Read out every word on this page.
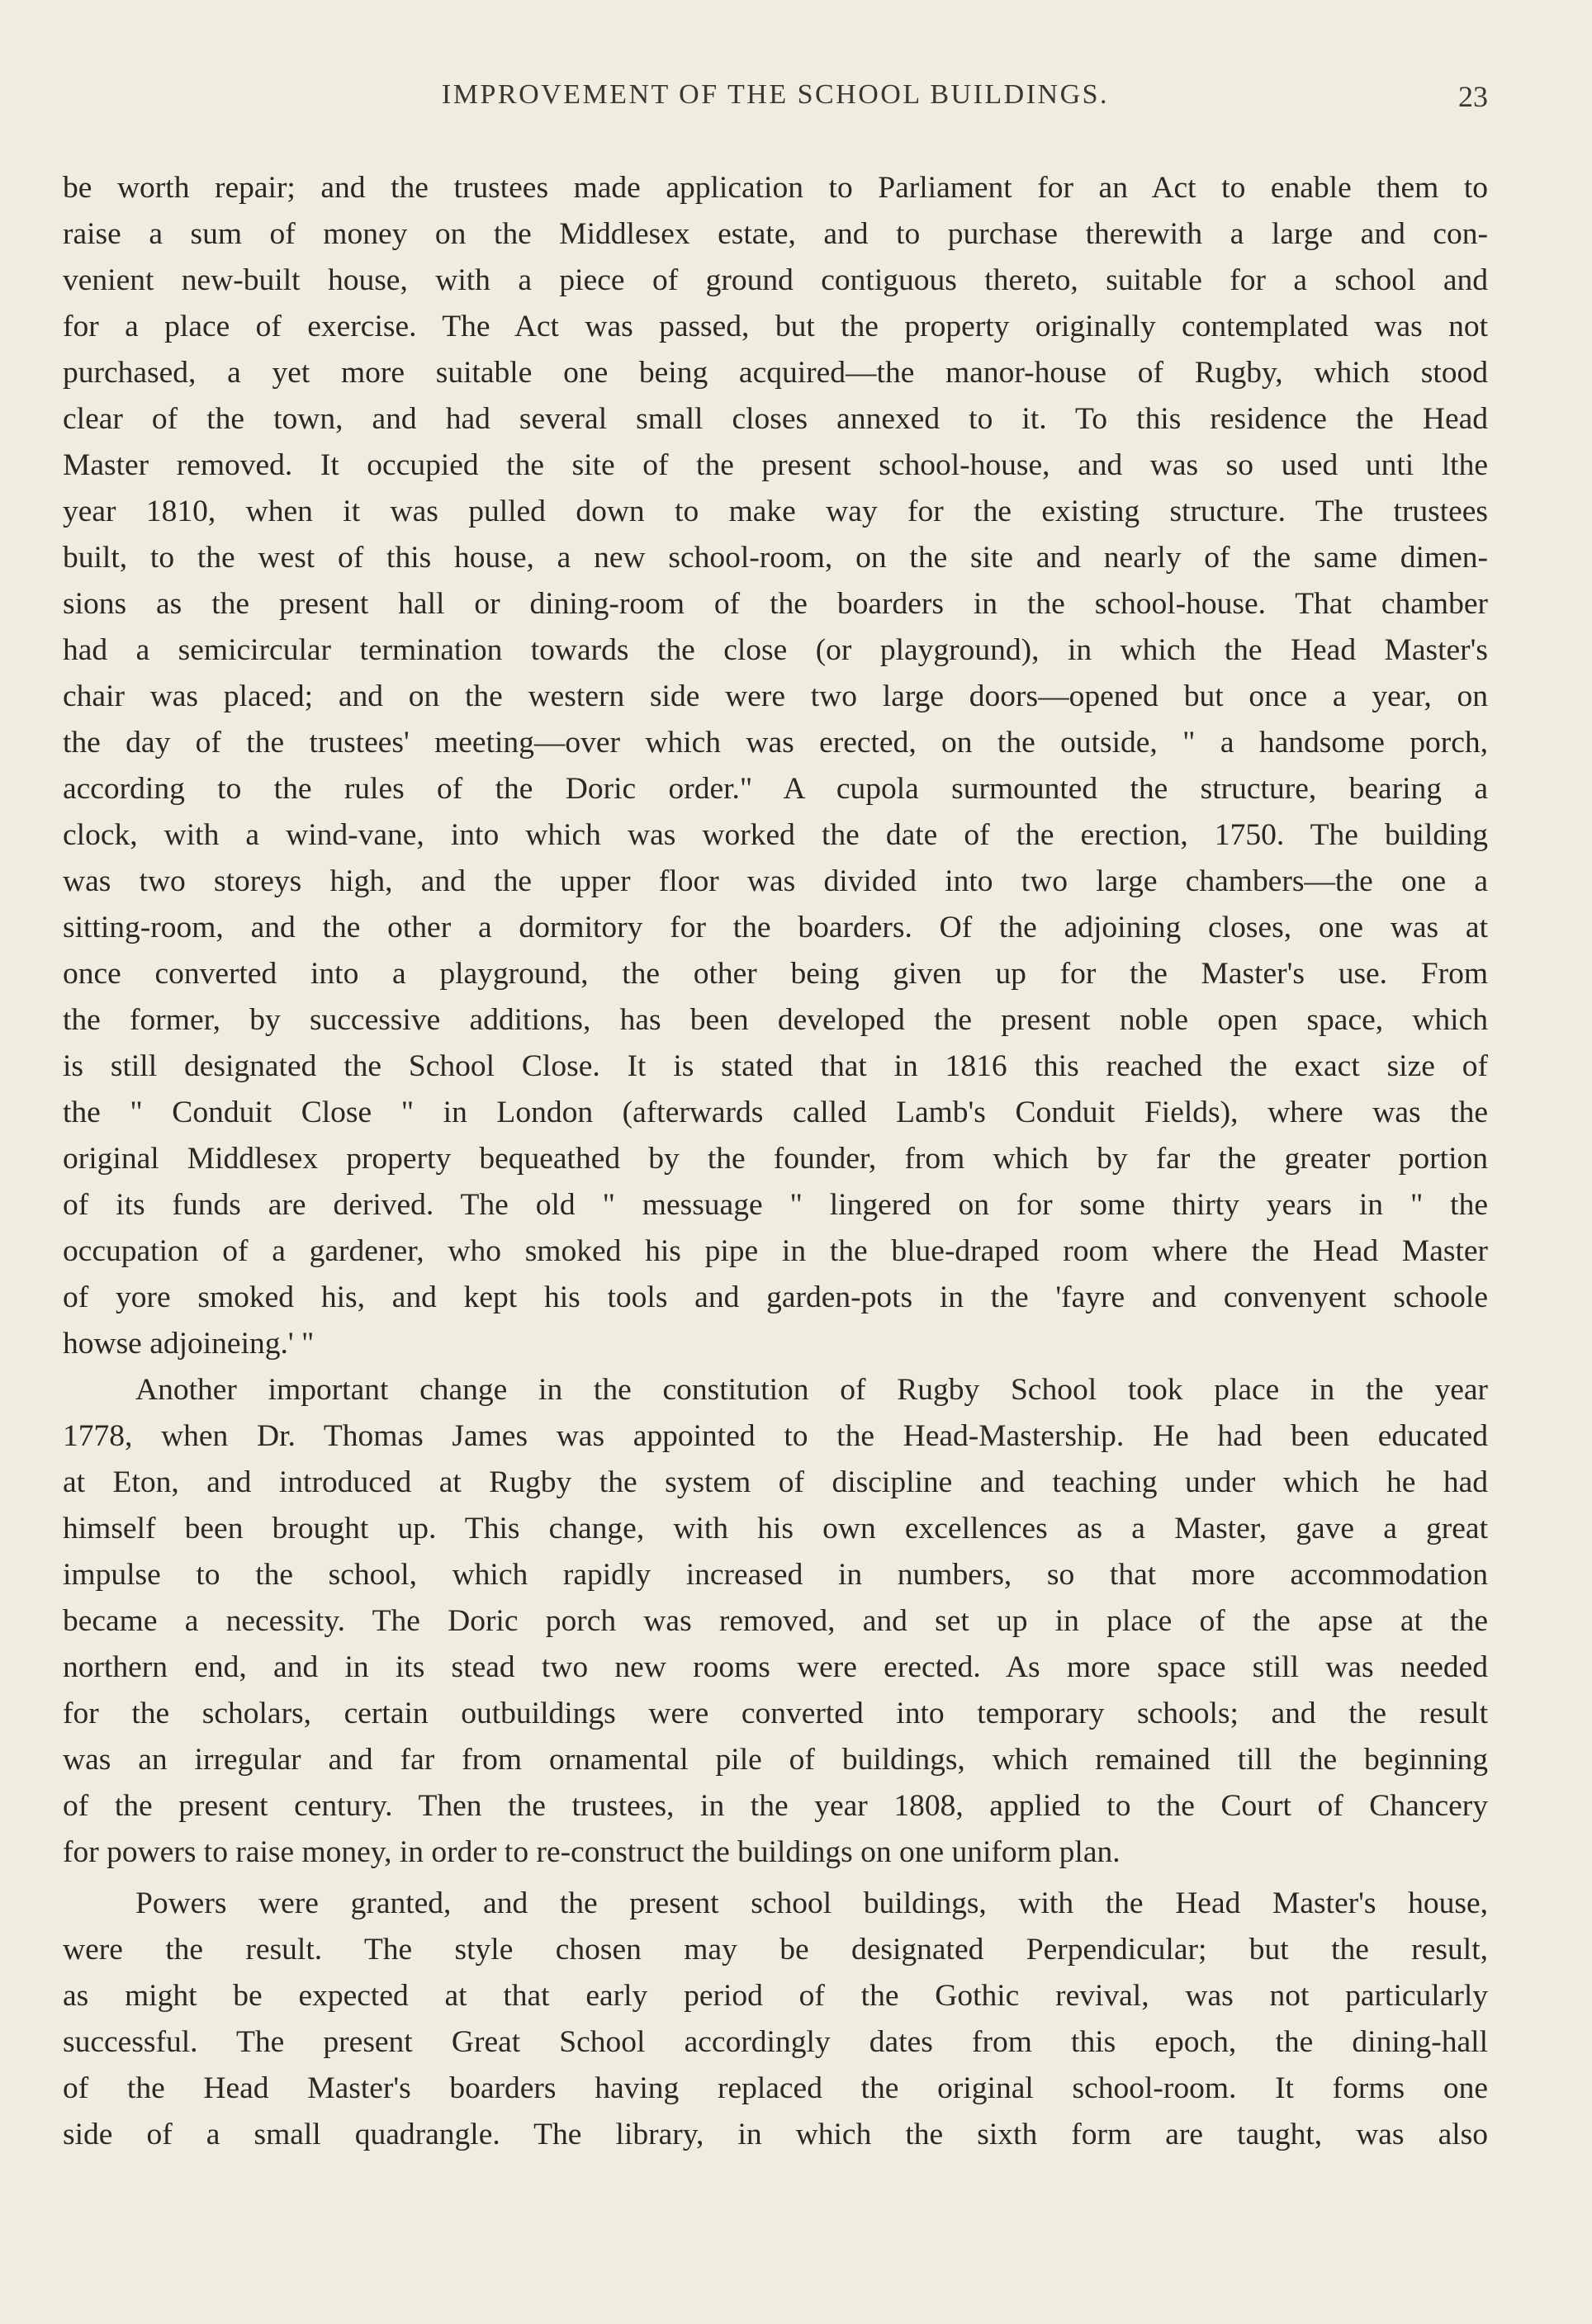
IMPROVEMENT OF THE SCHOOL BUILDINGS.	23
be worth repair; and the trustees made application to Parliament for an Act to enable them to
raise a sum of money on the Middlesex estate, and to purchase therewith a large and con-
venient new-built house, with a piece of ground contiguous thereto, suitable for a school and
for a place of exercise. The Act was passed, but the property originally contemplated was not
purchased, a yet more suitable one being acquired—the manor-house of Rugby, which stood
clear of the town, and had several small closes annexed to it. To this residence the Head
Master removed. It occupied the site of the present school-house, and was so used unti lthe
year 1810, when it was pulled down to make way for the existing structure. The trustees
built, to the west of this house, a new school-room, on the site and nearly of the same dimen-
sions as the present hall or dining-room of the boarders in the school-house. That chamber
had a semicircular termination towards the close (or playground), in which the Head Master's
chair was placed; and on the western side were two large doors—opened but once a year, on
the day of the trustees' meeting—over which was erected, on the outside, " a handsome porch,
according to the rules of the Doric order." A cupola surmounted the structure, bearing a
clock, with a wind-vane, into which was worked the date of the erection, 1750. The building
was two storeys high, and the upper floor was divided into two large chambers—the one a
sitting-room, and the other a dormitory for the boarders. Of the adjoining closes, one was at
once converted into a playground, the other being given up for the Master's use. From
the former, by successive additions, has been developed the present noble open space, which
is still designated the School Close. It is stated that in 1816 this reached the exact size of
the " Conduit Close " in London (afterwards called Lamb's Conduit Fields), where was the
original Middlesex property bequeathed by the founder, from which by far the greater portion
of its funds are derived. The old " messuage " lingered on for some thirty years in " the
occupation of a gardener, who smoked his pipe in the blue-draped room where the Head Master
of yore smoked his, and kept his tools and garden-pots in the 'fayre and convenyent schoole
howse adjoineing.' "
Another important change in the constitution of Rugby School took place in the year
1778, when Dr. Thomas James was appointed to the Head-Mastership. He had been educated
at Eton, and introduced at Rugby the system of discipline and teaching under which he had
himself been brought up. This change, with his own excellences as a Master, gave a great
impulse to the school, which rapidly increased in numbers, so that more accommodation
became a necessity. The Doric porch was removed, and set up in place of the apse at the
northern end, and in its stead two new rooms were erected. As more space still was needed
for the scholars, certain outbuildings were converted into temporary schools; and the result
was an irregular and far from ornamental pile of buildings, which remained till the beginning
of the present century. Then the trustees, in the year 1808, applied to the Court of Chancery
for powers to raise money, in order to re-construct the buildings on one uniform plan.
Powers were granted, and the present school buildings, with the Head Master's house,
were the result. The style chosen may be designated Perpendicular; but the result,
as might be expected at that early period of the Gothic revival, was not particularly
successful. The present Great School accordingly dates from this epoch, the dining-hall
of the Head Master's boarders having replaced the original school-room. It forms one
side of a small quadrangle. The library, in which the sixth form are taught, was also
